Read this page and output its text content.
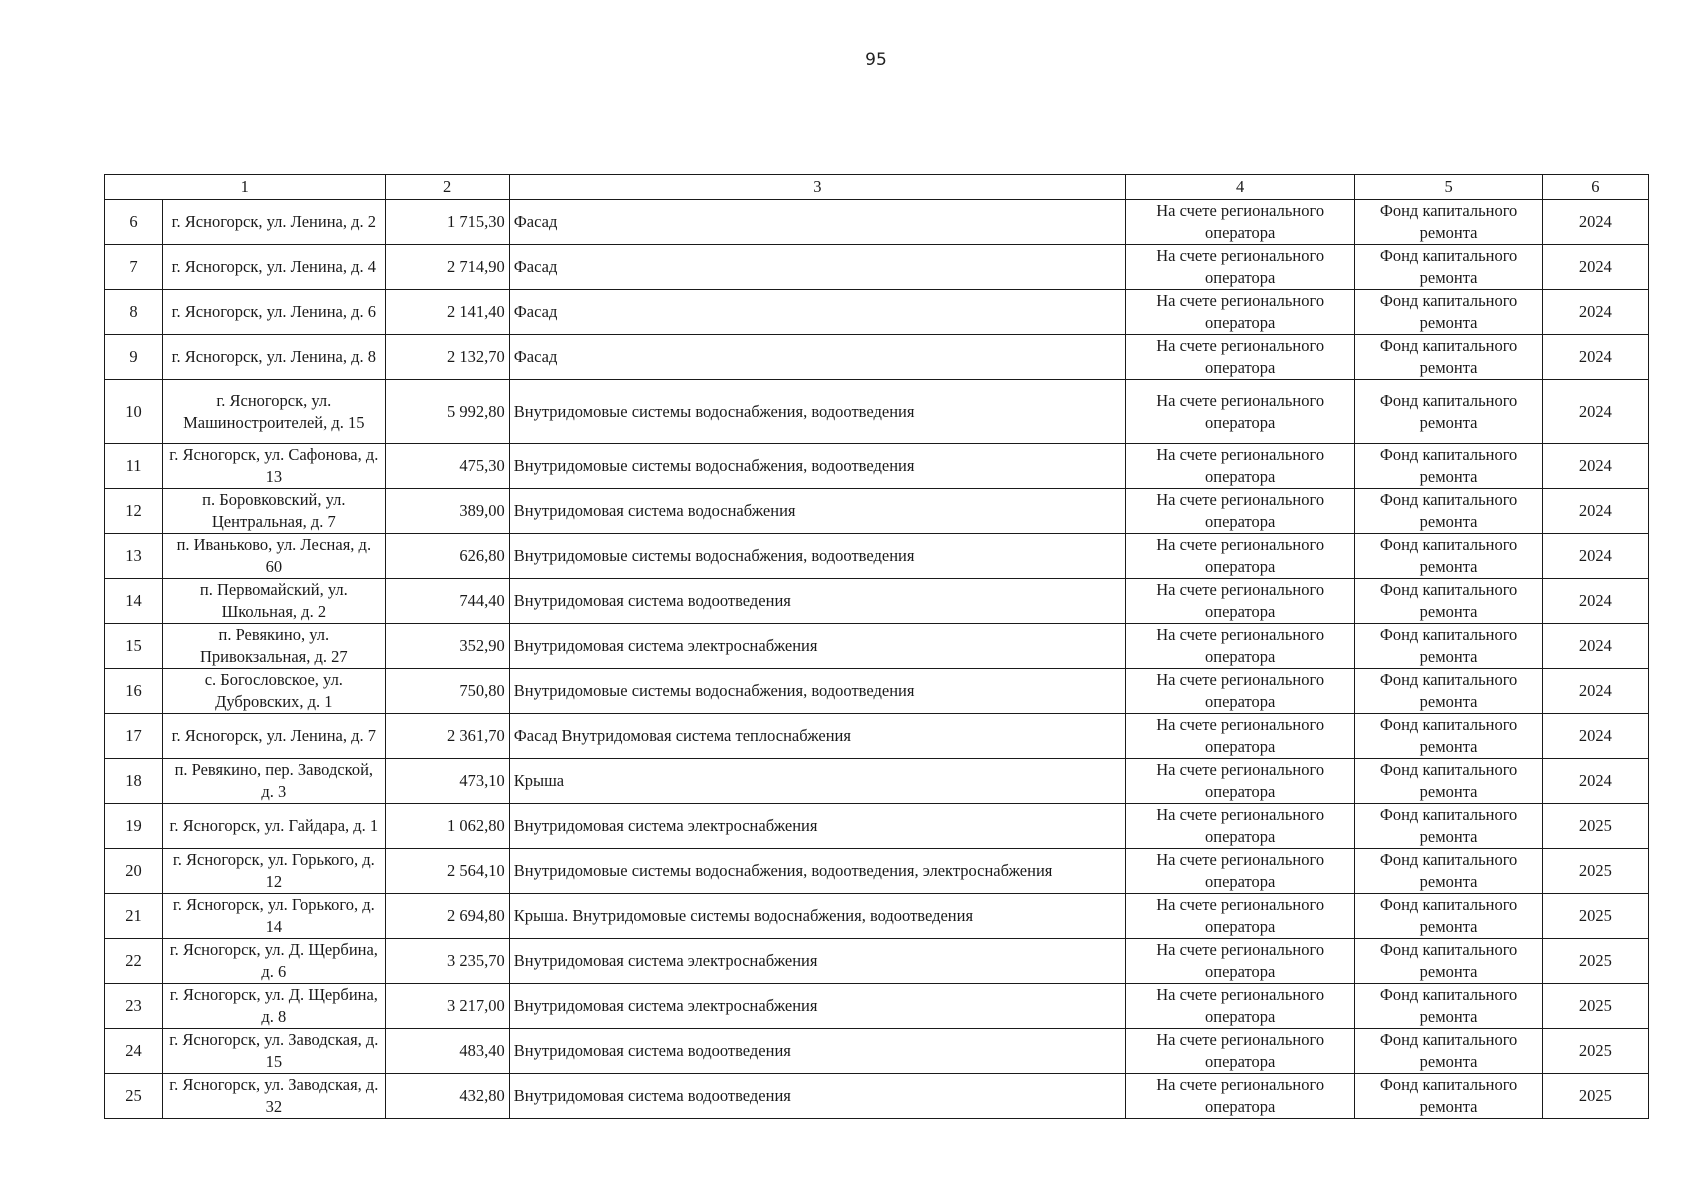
95
1		2	3	4	5	6
6	г. Ясногорск, ул. Ленина, д. 2	1 715,30	Фасад	На счете регионального оператора	Фонд капитального ремонта	2024
7	г. Ясногорск, ул. Ленина, д. 4	2 714,90	Фасад	На счете регионального оператора	Фонд капитального ремонта	2024
8	г. Ясногорск, ул. Ленина, д. 6	2 141,40	Фасад	На счете регионального оператора	Фонд капитального ремонта	2024
9	г. Ясногорск, ул. Ленина, д. 8	2 132,70	Фасад	На счете регионального оператора	Фонд капитального ремонта	2024
10	г. Ясногорск, ул. Машиностроителей, д. 15	5 992,80	Внутридомовые системы водоснабжения, водоотведения	На счете регионального оператора	Фонд капитального ремонта	2024
11	г. Ясногорск, ул. Сафонова, д. 13	475,30	Внутридомовые системы водоснабжения, водоотведения	На счете регионального оператора	Фонд капитального ремонта	2024
12	п. Боровковский, ул. Центральная, д. 7	389,00	Внутридомовая система водоснабжения	На счете регионального оператора	Фонд капитального ремонта	2024
13	п. Иваньково, ул. Лесная, д. 60	626,80	Внутридомовые системы водоснабжения, водоотведения	На счете регионального оператора	Фонд капитального ремонта	2024
14	п. Первомайский, ул. Школьная, д. 2	744,40	Внутридомовая система водоотведения	На счете регионального оператора	Фонд капитального ремонта	2024
15	п. Ревякино, ул. Привокзальная, д. 27	352,90	Внутридомовая система электроснабжения	На счете регионального оператора	Фонд капитального ремонта	2024
16	с. Богословское, ул. Дубровских, д. 1	750,80	Внутридомовые системы водоснабжения, водоотведения	На счете регионального оператора	Фонд капитального ремонта	2024
17	г. Ясногорск, ул. Ленина, д. 7	2 361,70	Фасад Внутридомовая система теплоснабжения	На счете регионального оператора	Фонд капитального ремонта	2024
18	п. Ревякино, пер. Заводской, д. 3	473,10	Крыша	На счете регионального оператора	Фонд капитального ремонта	2024
19	г. Ясногорск, ул. Гайдара, д. 1	1 062,80	Внутридомовая система электроснабжения	На счете регионального оператора	Фонд капитального ремонта	2025
20	г. Ясногорск, ул. Горького, д. 12	2 564,10	Внутридомовые системы водоснабжения, водоотведения, электроснабжения	На счете регионального оператора	Фонд капитального ремонта	2025
21	г. Ясногорск, ул. Горького, д. 14	2 694,80	Крыша. Внутридомовые системы водоснабжения, водоотведения	На счете регионального оператора	Фонд капитального ремонта	2025
22	г. Ясногорск, ул. Д. Щербина, д. 6	3 235,70	Внутридомовая система электроснабжения	На счете регионального оператора	Фонд капитального ремонта	2025
23	г. Ясногорск, ул. Д. Щербина, д. 8	3 217,00	Внутридомовая система электроснабжения	На счете регионального оператора	Фонд капитального ремонта	2025
24	г. Ясногорск, ул. Заводская, д. 15	483,40	Внутридомовая система водоотведения	На счете регионального оператора	Фонд капитального ремонта	2025
25	г. Ясногорск, ул. Заводская, д. 32	432,80	Внутридомовая система водоотведения	На счете регионального оператора	Фонд капитального ремонта	2025
